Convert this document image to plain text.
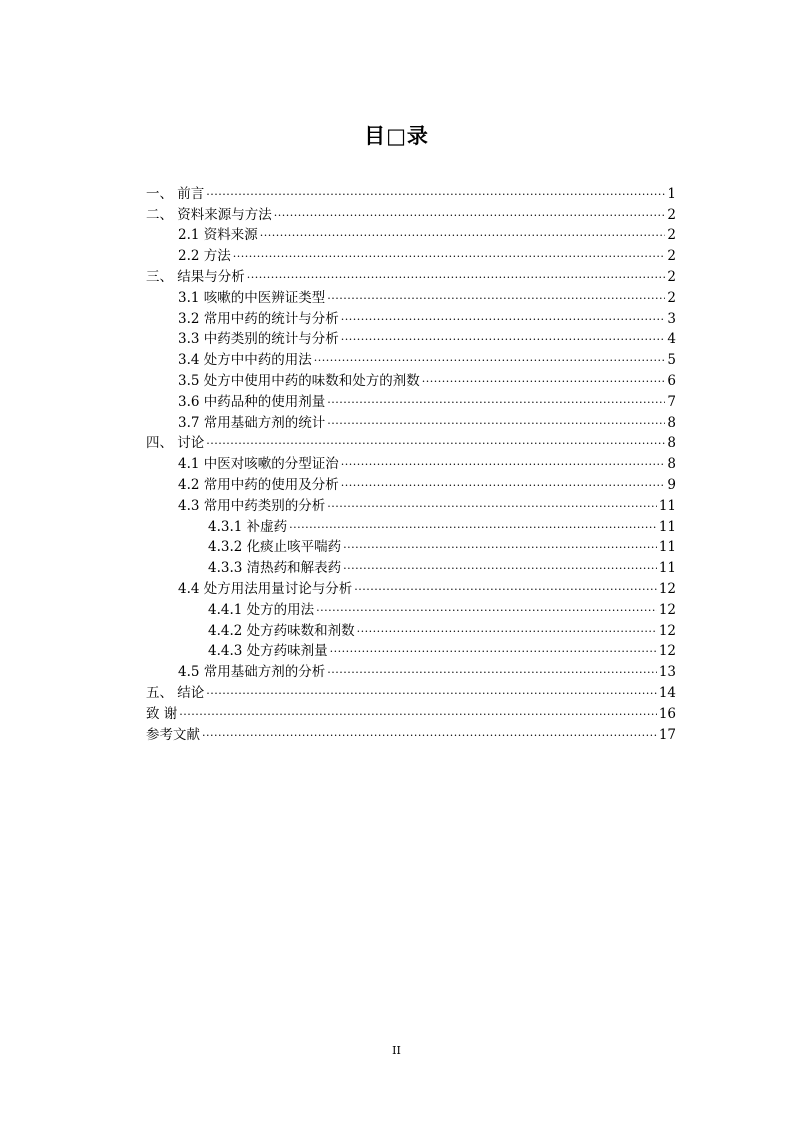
目□录
一、 前言 .....	1
二、 资料来源与方法 .....	2
2.1 资料来源 .....	2
2.2 方法 .....	2
三、 结果与分析 .....	2
3.1 咳嗽的中医辨证类型 .....	2
3.2 常用中药的统计与分析 .....	3
3.3 中药类别的统计与分析 .....	4
3.4 处方中中药的用法 .....	5
3.5 处方中使用中药的味数和处方的剂数 .....	6
3.6 中药品种的使用剂量 .....	7
3.7 常用基础方剂的统计 .....	8
四、 讨论 .....	8
4.1 中医对咳嗽的分型证治 .....	8
4.2 常用中药的使用及分析 .....	9
4.3 常用中药类别的分析 .....	11
4.3.1 补虚药 .....	11
4.3.2 化痰止咳平喘药 .....	11
4.3.3 清热药和解表药 .....	11
4.4 处方用法用量讨论与分析 .....	12
4.4.1 处方的用法 .....	12
4.4.2 处方药味数和剂数 .....	12
4.4.3 处方药味剂量 .....	12
4.5 常用基础方剂的分析 .....	13
五、 结论 .....	14
致 谢 .....	16
参考文献 .....	17
II
